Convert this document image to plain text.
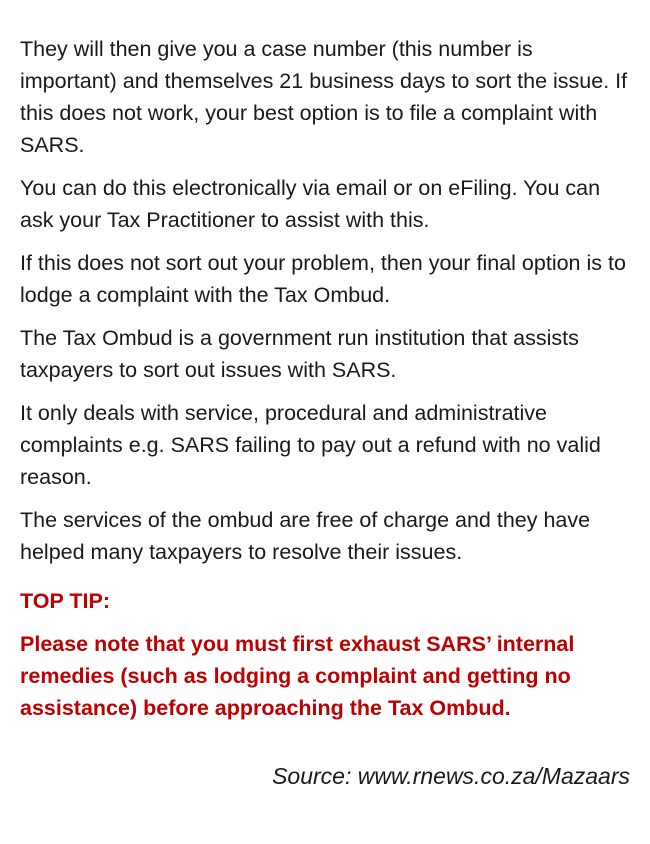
They will then give you a case number (this number is important) and themselves 21 business days to sort the issue. If this does not work, your best option is to file a complaint with SARS.

You can do this electronically via email or on eFiling. You can ask your Tax Practitioner to assist with this.

If this does not sort out your problem, then your final option is to lodge a complaint with the Tax Ombud.

The Tax Ombud is a government run institution that assists taxpayers to sort out issues with SARS.

It only deals with service, procedural and administrative complaints e.g. SARS failing to pay out a refund with no valid reason.

The services of the ombud are free of charge and they have helped many taxpayers to resolve their issues.

TOP TIP:

Please note that you must first exhaust SARS’ internal remedies (such as lodging a complaint and getting no assistance) before approaching the Tax Ombud.

Source: www.rnews.co.za/Mazaars
